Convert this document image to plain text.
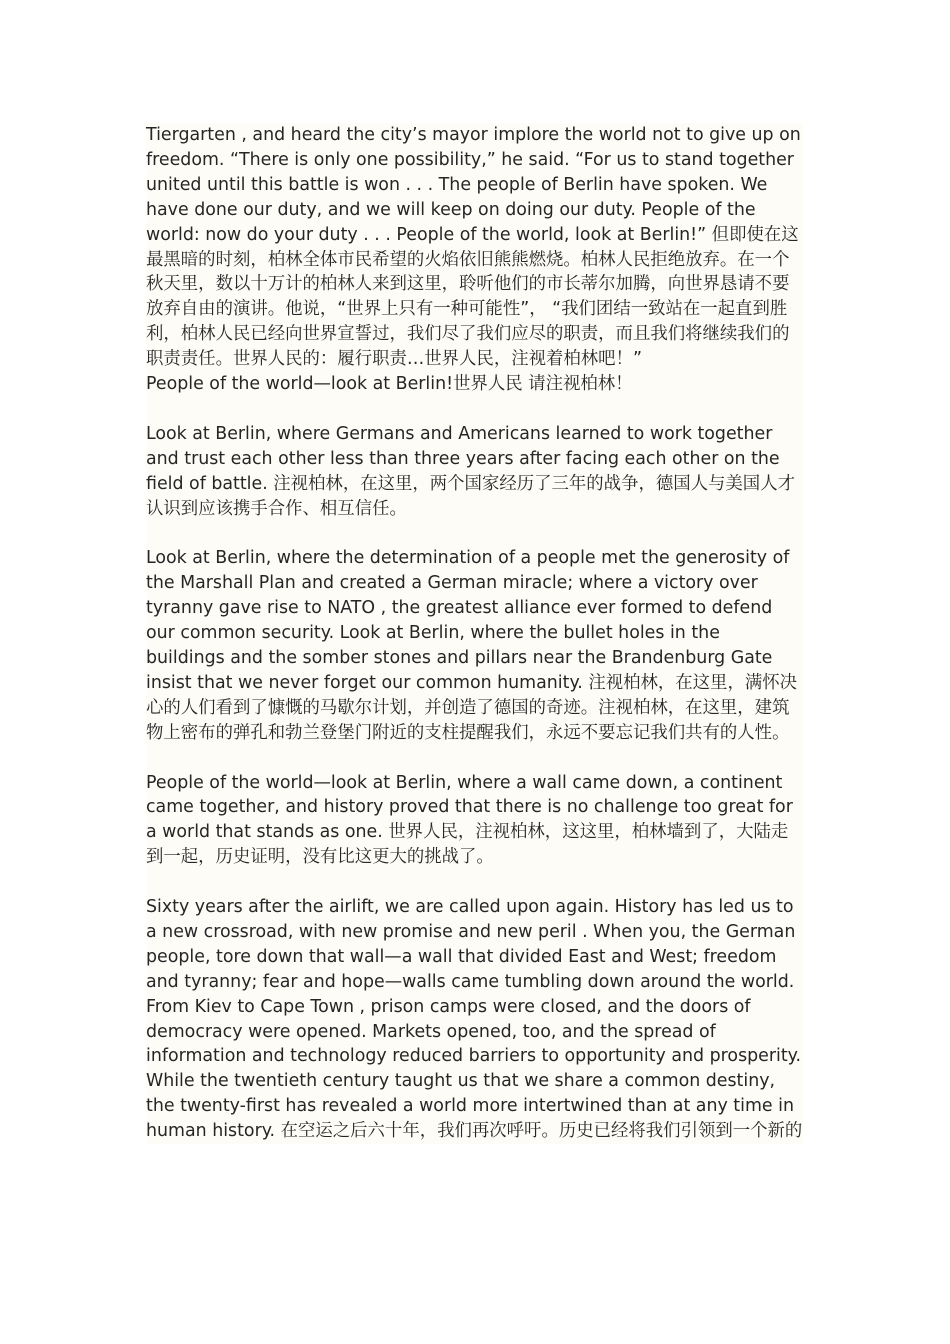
Tiergarten , and heard the city’s mayor implore the world not to give up on freedom. “There is only one possibility,” he said. “For us to stand together united until this battle is won . . . The people of Berlin have spoken. We have done our duty, and we will keep on doing our duty. People of the world: now do your duty . . . People of the world, look at Berlin!” 但即使在这最黑暗的时刻，柏林全体市民希望的火焰依旧熊熊燃烧。柏林人民拒绝放弃。在一个秋天里，数以十万计的柏林人来到这里，聆听他们的市长蒂尔加腾，向世界恳请不要放弃自由的演讲。他说，“世界上只有一种可能性”， “我们团结一致站在一起直到胜利，柏林人民已经向世界宣誓过，我们尽了我们应尽的职责，而且我们将继续我们的职责责任。世界人民的：履行职责…世界人民，注视着柏林吧！”

People of the world—look at Berlin!世界人民 请注视柏林！

Look at Berlin, where Germans and Americans learned to work together and trust each other less than three years after facing each other on the field of battle. 注视柏林，在这里，两个国家经历了三年的战争，德国人与美国人才认识到应该携手合作、相互信任。

Look at Berlin, where the determination of a people met the generosity of the Marshall Plan and created a German miracle; where a victory over tyranny gave rise to NATO , the greatest alliance ever formed to defend our common security. Look at Berlin, where the bullet holes in the buildings and the somber stones and pillars near the Brandenburg Gate insist that we never forget our common humanity. 注视柏林，在这里，满怀决心的人们看到了慷慨的马歇尔计划，并创造了德国的奇迹。注视柏林，在这里，建筑物上密布的弹孔和勃兰登堡门附近的支柱提醒我们，永远不要忘记我们共有的人性。

People of the world—look at Berlin, where a wall came down, a continent came together, and history proved that there is no challenge too great for a world that stands as one. 世界人民，注视柏林，这这里，柏林墙到了，大陆走到一起，历史证明，没有比这更大的挑战了。

Sixty years after the airlift, we are called upon again. History has led us to a new crossroad, with new promise and new peril . When you, the German people, tore down that wall—a wall that divided East and West; freedom and tyranny; fear and hope—walls came tumbling down around the world. From Kiev to Cape Town , prison camps were closed, and the doors of democracy were opened. Markets opened, too, and the spread of information and technology reduced barriers to opportunity and prosperity. While the twentieth century taught us that we share a common destiny, the twenty-first has revealed a world more intertwined than at any time in human history. 在空运之后六十年，我们再次呼吁。历史已经将我们引领到一个新的
